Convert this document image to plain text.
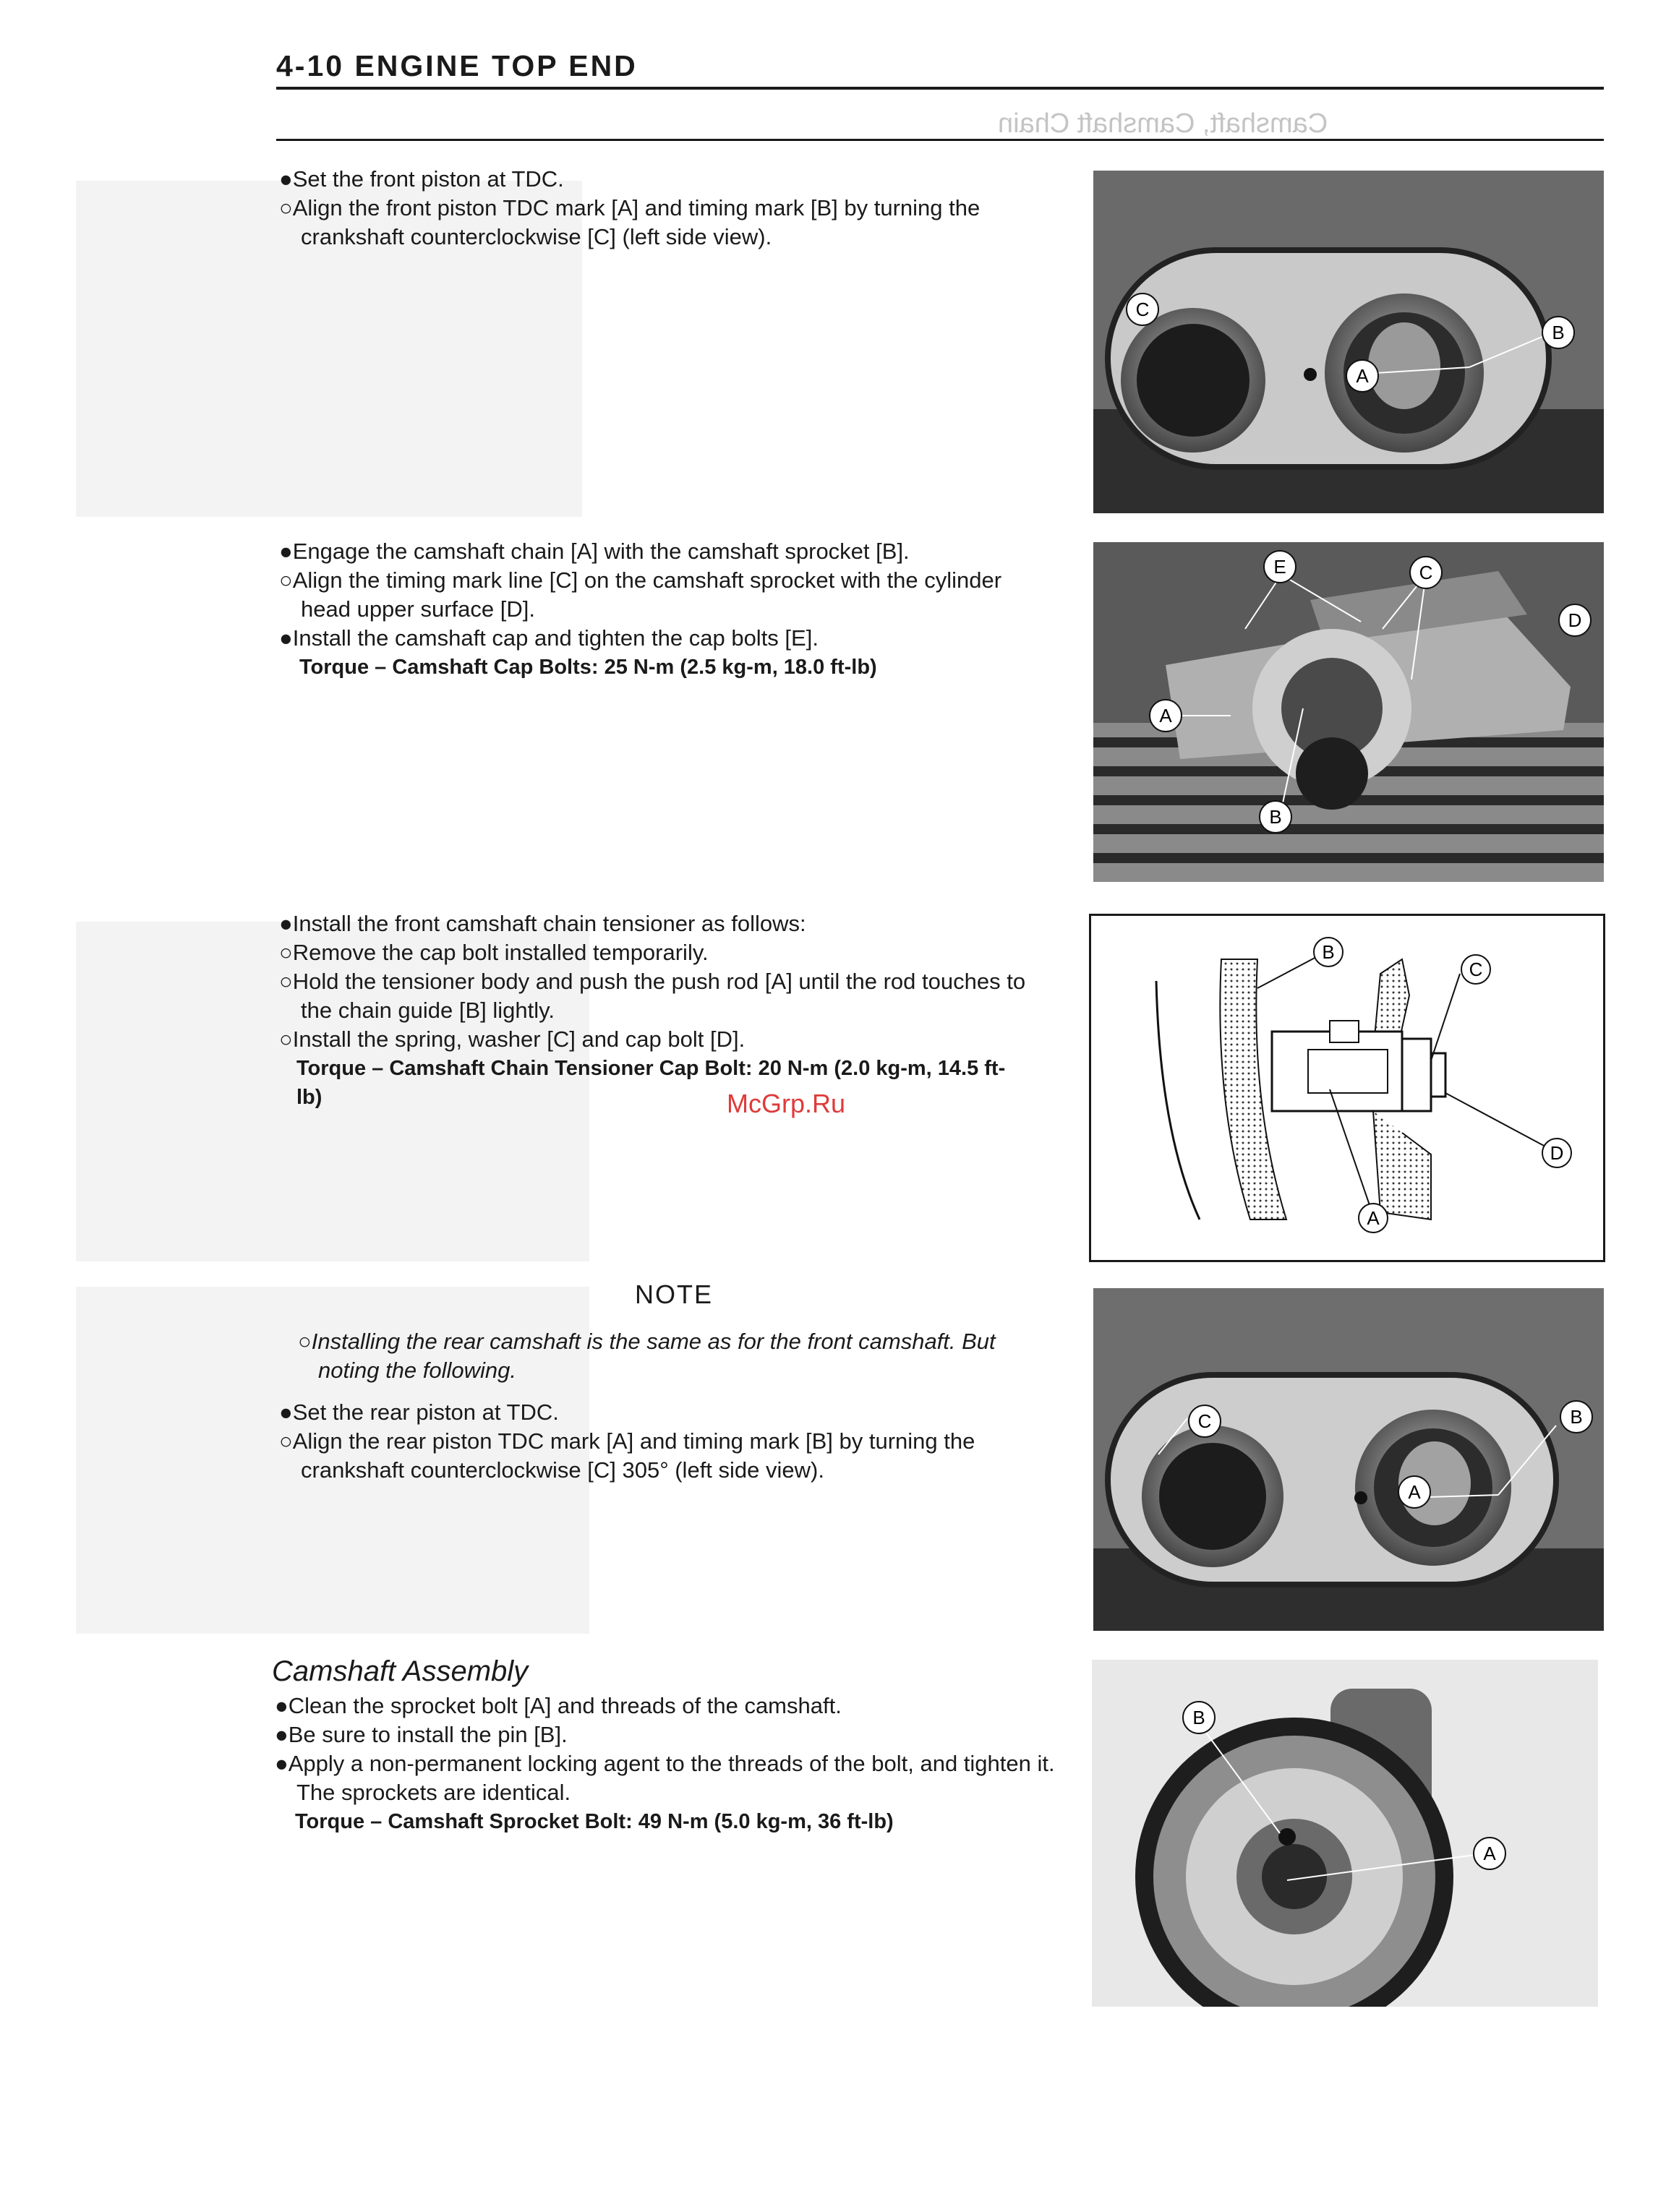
Camshaft, Camshaft Chain
4-10 ENGINE TOP END

●Set the front piston at TDC.

○Align the front piston TDC mark [A] and timing mark [B] by turning the crankshaft counterclockwise [C] (left side view).

●Engage the camshaft chain [A] with the camshaft sprocket [B].

○Align the timing mark line [C] on the camshaft sprocket with the cylinder head upper surface [D].

●Install the camshaft cap and tighten the cap bolts [E].

Torque – Camshaft Cap Bolts: 25 N-m (2.5 kg-m, 18.0 ft-lb)

●Install the front camshaft chain tensioner as follows:

○Remove the cap bolt installed temporarily.

○Hold the tensioner body and push the push rod [A] until the rod touches to the chain guide [B] lightly.

○Install the spring, washer [C] and cap bolt [D].

Torque – Camshaft Chain Tensioner Cap Bolt: 20 N-m (2.0 kg-m, 14.5 ft-lb)	McGrp.Ru
NOTE

○Installing the rear camshaft is the same as for the front camshaft. But noting the following.

●Set the rear piston at TDC.

○Align the rear piston TDC mark [A] and timing mark [B] by turning the crankshaft counterclockwise [C] 305° (left side view).

Camshaft Assembly

●Clean the sprocket bolt [A] and threads of the camshaft.

●Be sure to install the pin [B].

●Apply a non-permanent locking agent to the threads of the bolt, and tighten it. The sprockets are identical.

Torque – Camshaft Sprocket Bolt: 49 N-m (5.0 kg-m, 36 ft-lb)

C
A
B
E	C
D
A
B
B
C
D
A
C	B
A
B
A
